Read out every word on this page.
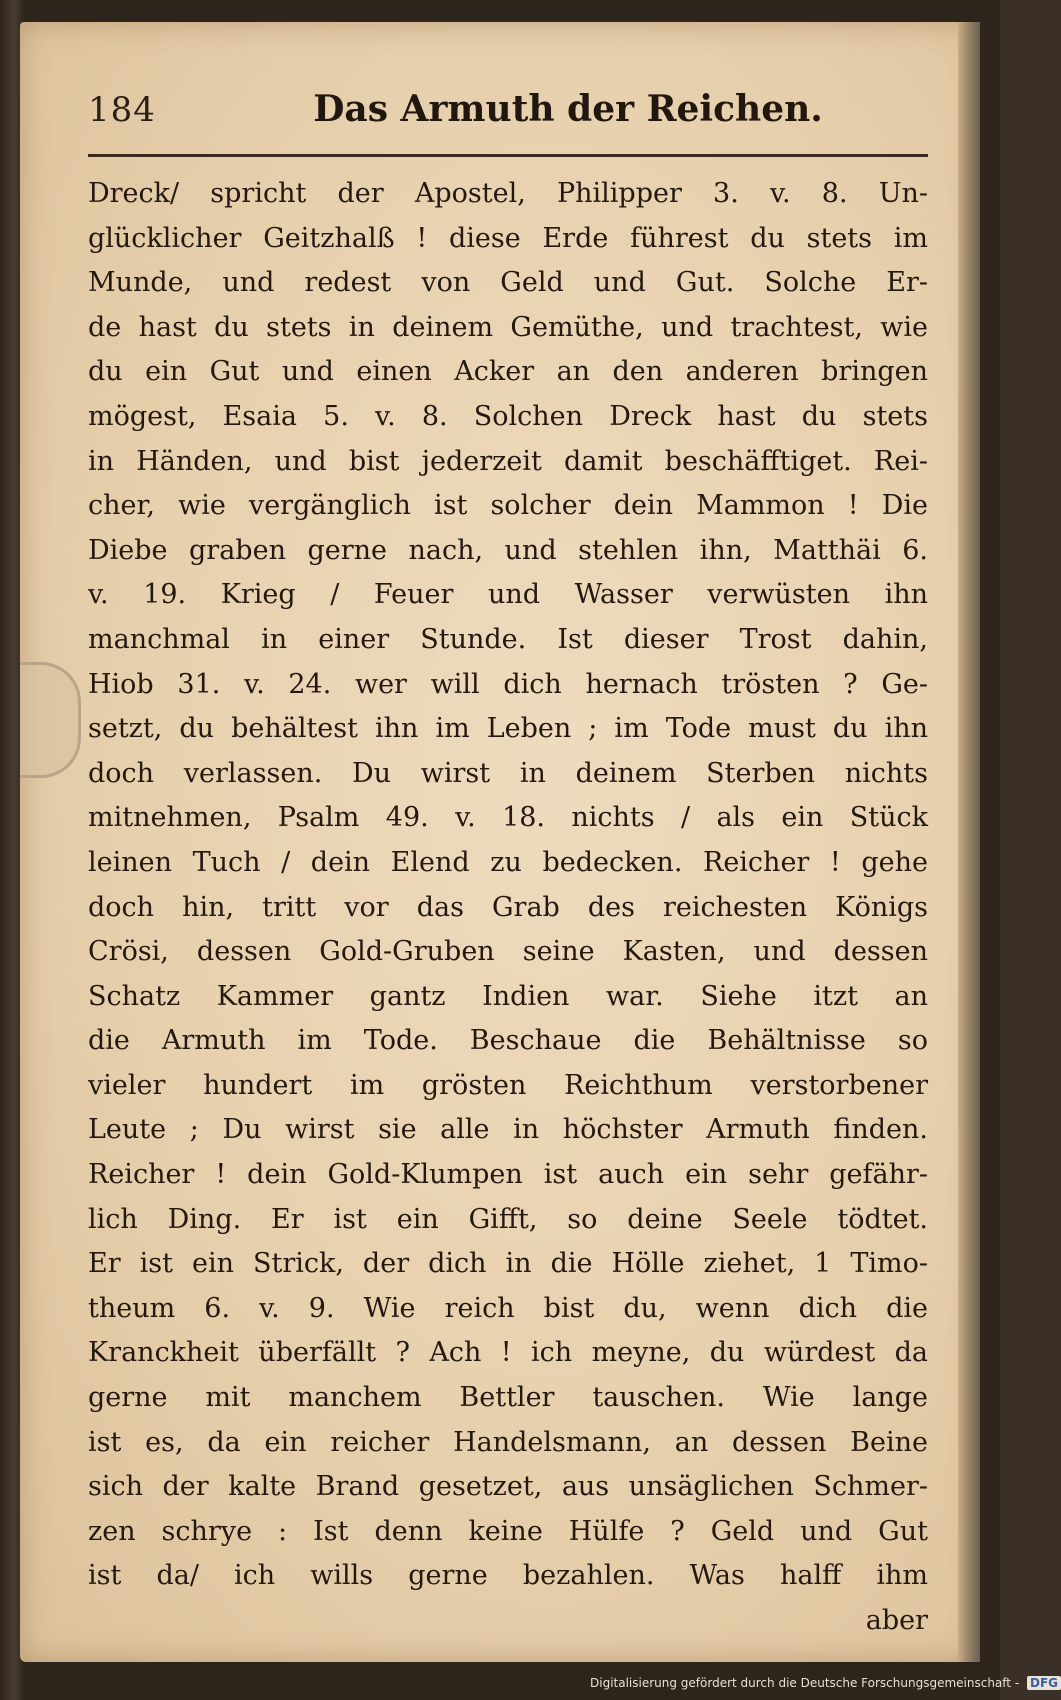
184	Das Armuth der Reichen.
Dreck/ spricht der Apostel, Philipper 3. v. 8. Un-
glücklicher Geitzhalß ! diese Erde führest du stets im
Munde, und redest von Geld und Gut. Solche Er-
de hast du stets in deinem Gemüthe, und trachtest, wie
du ein Gut und einen Acker an den anderen bringen
mögest, Esaia 5. v. 8. Solchen Dreck hast du stets
in Händen, und bist jederzeit damit beschäfftiget. Rei-
cher, wie vergänglich ist solcher dein Mammon ! Die
Diebe graben gerne nach, und stehlen ihn, Matthäi 6.
v. 19. Krieg / Feuer und Wasser verwüsten ihn
manchmal in einer Stunde. Ist dieser Trost dahin,
Hiob 31. v. 24. wer will dich hernach trösten ? Ge-
setzt, du behältest ihn im Leben ; im Tode must du ihn
doch verlassen. Du wirst in deinem Sterben nichts
mitnehmen, Psalm 49. v. 18. nichts / als ein Stück
leinen Tuch / dein Elend zu bedecken. Reicher ! gehe
doch hin, tritt vor das Grab des reichesten Königs
Crösi, dessen Gold-Gruben seine Kasten, und dessen
Schatz Kammer gantz Indien war. Siehe itzt an
die Armuth im Tode. Beschaue die Behältnisse so
vieler hundert im grösten Reichthum verstorbener
Leute ; Du wirst sie alle in höchster Armuth finden.
Reicher ! dein Gold-Klumpen ist auch ein sehr gefähr-
lich Ding. Er ist ein Gifft, so deine Seele tödtet.
Er ist ein Strick, der dich in die Hölle ziehet, 1 Timo-
theum 6. v. 9. Wie reich bist du, wenn dich die
Kranckheit überfällt ? Ach ! ich meyne, du würdest da
gerne mit manchem Bettler tauschen. Wie lange
ist es, da ein reicher Handelsmann, an dessen Beine
sich der kalte Brand gesetzet, aus unsäglichen Schmer-
zen schrye : Ist denn keine Hülfe ? Geld und Gut
ist da/ ich wills gerne bezahlen. Was halff ihm
aber
Digitalisierung gefördert durch die Deutsche Forschungsgemeinschaft - DFG
